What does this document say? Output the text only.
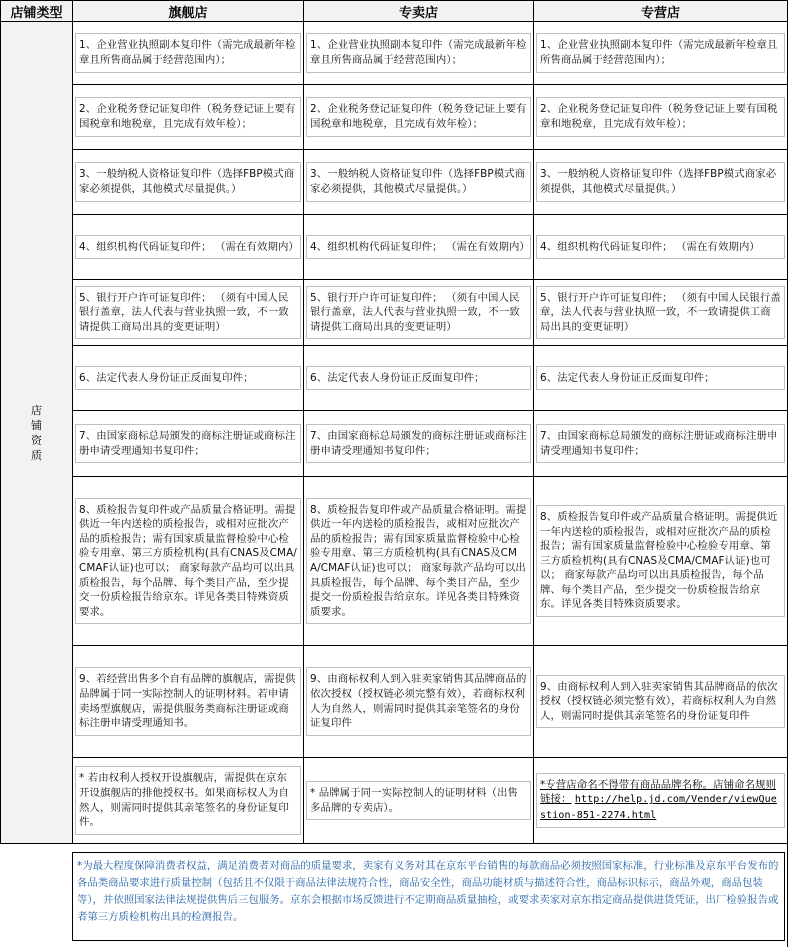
店铺类型	旗舰店	专卖店	专营店

店铺资质	1、企业营业执照副本复印件（需完成最新年检章且所售商品属于经营范围内）；	1、企业营业执照副本复印件（需完成最新年检章且所售商品属于经营范围内）；	1、企业营业执照副本复印件（需完成最新年检章且所售商品属于经营范围内）；

	2、企业税务登记证复印件（税务登记证上要有国税章和地税章，且完成有效年检）；	2、企业税务登记证复印件（税务登记证上要有国税章和地税章，且完成有效年检）；	2、企业税务登记证复印件（税务登记证上要有国税章和地税章，且完成有效年检）；

	3、一般纳税人资格证复印件（选择FBP模式商家必须提供，其他模式尽量提供。）	3、一般纳税人资格证复印件（选择FBP模式商家必须提供，其他模式尽量提供。）	3、一般纳税人资格证复印件（选择FBP模式商家必须提供，其他模式尽量提供。）

	4、组织机构代码证复印件； （需在有效期内）	4、组织机构代码证复印件； （需在有效期内）	4、组织机构代码证复印件； （需在有效期内）

	5、银行开户许可证复印件； （须有中国人民银行盖章，法人代表与营业执照一致，不一致请提供工商局出具的变更证明）	5、银行开户许可证复印件； （须有中国人民银行盖章，法人代表与营业执照一致，不一致请提供工商局出具的变更证明）	5、银行开户许可证复印件； （须有中国人民银行盖章，法人代表与营业执照一致，不一致请提供工商局出具的变更证明）

	6、法定代表人身份证正反面复印件；	6、法定代表人身份证正反面复印件；	6、法定代表人身份证正反面复印件；

	7、由国家商标总局颁发的商标注册证或商标注册申请受理通知书复印件；	7、由国家商标总局颁发的商标注册证或商标注册申请受理通知书复印件；	7、由国家商标总局颁发的商标注册证或商标注册申请受理通知书复印件；

	8、质检报告复印件或产品质量合格证明。需提供近一年内送检的质检报告，或相对应批次产品的质检报告；需有国家质量监督检验中心检验专用章、第三方质检机构(具有CNAS及CMA/CMAF认证)也可以； 商家每款产品均可以出具质检报告，每个品牌、每个类目产品，至少提交一份质检报告给京东。详见各类目特殊资质要求。	8、质检报告复印件或产品质量合格证明。需提供近一年内送检的质检报告，或相对应批次产品的质检报告；需有国家质量监督检验中心检验专用章、第三方质检机构(具有CNAS及CMA/CMAF认证)也可以； 商家每款产品均可以出具质检报告，每个品牌、每个类目产品，至少提交一份质检报告给京东。详见各类目特殊资质要求。	8、质检报告复印件或产品质量合格证明。需提供近一年内送检的质检报告，或相对应批次产品的质检报告；需有国家质量监督检验中心检验专用章、第三方质检机构(具有CNAS及CMA/CMAF认证)也可以； 商家每款产品均可以出具质检报告，每个品牌、每个类目产品，至少提交一份质检报告给京东。详见各类目特殊资质要求。

	9、若经营出售多个自有品牌的旗舰店，需提供品牌属于同一实际控制人的证明材料。若申请卖场型旗舰店，需提供服务类商标注册证或商标注册申请受理通知书。	9、由商标权利人到入驻卖家销售其品牌商品的依次授权（授权链必须完整有效），若商标权利人为自然人，则需同时提供其亲笔签名的身份证复印件	9、由商标权利人到入驻卖家销售其品牌商品的依次授权（授权链必须完整有效），若商标权利人为自然人，则需同时提供其亲笔签名的身份证复印件

	* 若由权利人授权开设旗舰店，需提供在京东开设旗舰店的排他授权书。如果商标权人为自然人，则需同时提供其亲笔签名的身份证复印件。	* 品牌属于同一实际控制人的证明材料（出售多品牌的专卖店）。	*专营店命名不得带有商品品牌名称。店铺命名规则链接： http://help.jd.com/Vender/viewQuestion-851-2274.html
*为最大程度保障消费者权益，满足消费者对商品的质量要求，卖家有义务对其在京东平台销售的每款商品必须按照国家标准，行业标准及京东平台发布的各品类商品要求进行质量控制（包括且不仅限于商品法律法规符合性，商品安全性，商品功能材质与描述符合性，商品标识标示，商品外观，商品包装等），并依照国家法律法规提供售后三包服务。京东会根据市场反馈进行不定期商品质量抽检，或要求卖家对京东指定商品提供进货凭证，出厂检验报告或者第三方质检机构出具的检测报告。
